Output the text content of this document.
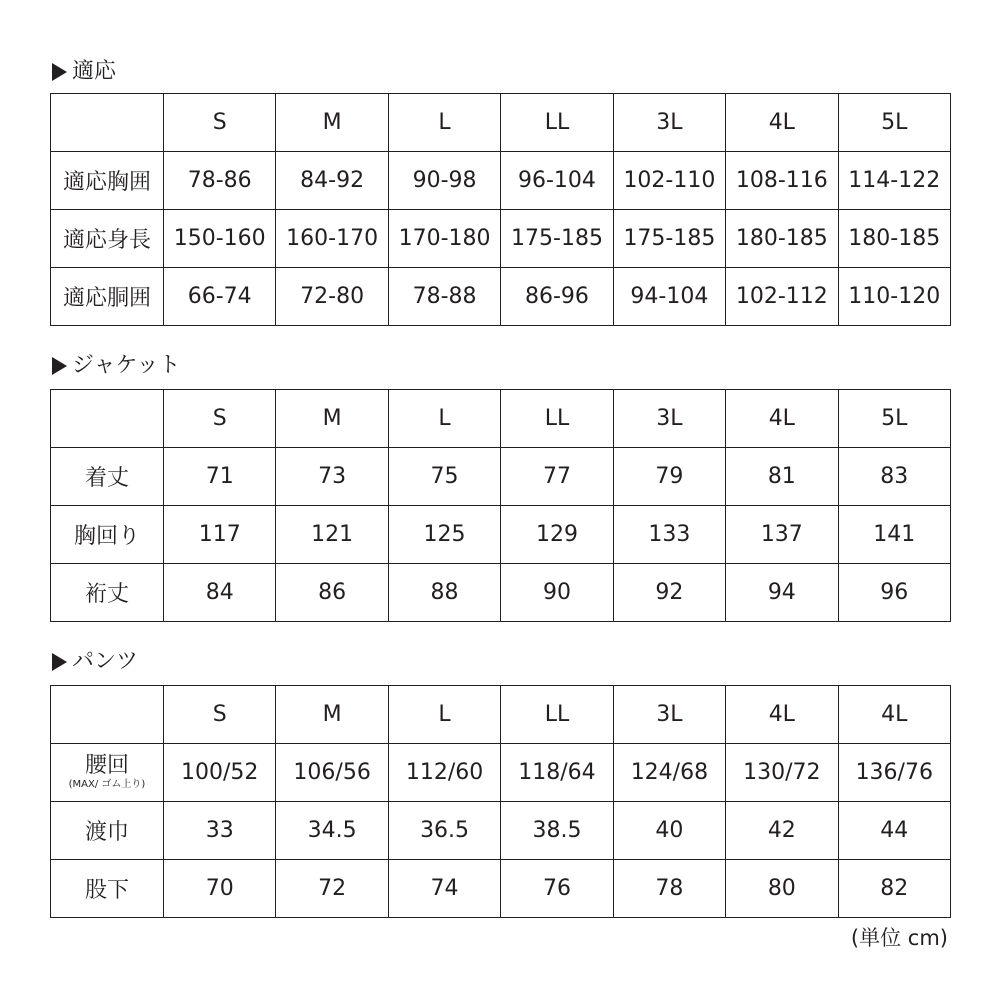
適応
	S	M	L	LL	3L	4L	5L
適応胸囲	78-86	84-92	90-98	96-104	102-110	108-116	114-122
適応身長	150-160	160-170	170-180	175-185	175-185	180-185	180-185
適応胴囲	66-74	72-80	78-88	86-96	94-104	102-112	110-120
ジャケット
	S	M	L	LL	3L	4L	5L
着丈	71	73	75	77	79	81	83
胸回り	117	121	125	129	133	137	141
裄丈	84	86	88	90	92	94	96
パンツ
	S	M	L	LL	3L	4L	4L

腰回
(MAX/ ゴム上り)	100/52	106/56	112/60	118/64	124/68	130/72	136/76
渡巾	33	34.5	36.5	38.5	40	42	44
股下	70	72	74	76	78	80	82
(単位 cm)
